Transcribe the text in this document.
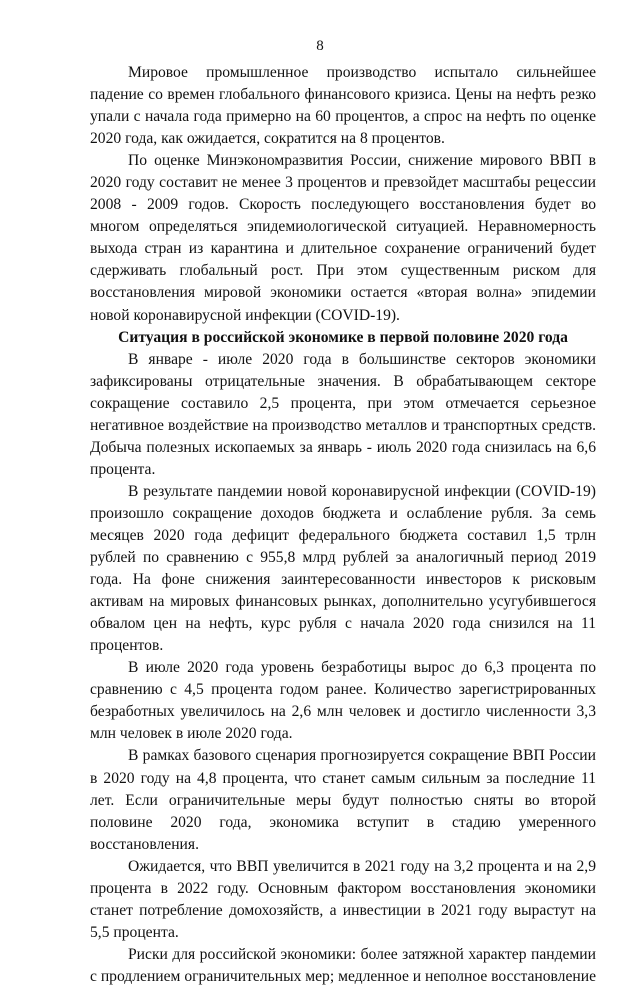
8

Мировое промышленное производство испытало сильнейшее падение со времен глобального финансового кризиса. Цены на нефть резко упали с начала года примерно на 60 процентов, а спрос на нефть по оценке 2020 года, как ожидается, сократится на 8 процентов.

По оценке Минэкономразвития России, снижение мирового ВВП в 2020 году составит не менее 3 процентов и превзойдет масштабы рецессии 2008 - 2009 годов. Скорость последующего восстановления будет во многом определяться эпидемиологической ситуацией. Неравномерность выхода стран из карантина и длительное сохранение ограничений будет сдерживать глобальный рост. При этом существенным риском для восстановления мировой экономики остается «вторая волна» эпидемии новой коронавирусной инфекции (COVID-19).

Ситуация в российской экономике в первой половине 2020 года

В январе - июле 2020 года в большинстве секторов экономики зафиксированы отрицательные значения. В обрабатывающем секторе сокращение составило 2,5 процента, при этом отмечается серьезное негативное воздействие на производство металлов и транспортных средств. Добыча полезных ископаемых за январь - июль 2020 года снизилась на 6,6 процента.

В результате пандемии новой коронавирусной инфекции (COVID-19) произошло сокращение доходов бюджета и ослабление рубля. За семь месяцев 2020 года дефицит федерального бюджета составил 1,5 трлн рублей по сравнению с 955,8 млрд рублей за аналогичный период 2019 года. На фоне снижения заинтересованности инвесторов к рисковым активам на мировых финансовых рынках, дополнительно усугубившегося обвалом цен на нефть, курс рубля с начала 2020 года снизился на 11 процентов.

В июле 2020 года уровень безработицы вырос до 6,3 процента по сравнению с 4,5 процента годом ранее. Количество зарегистрированных безработных увеличилось на 2,6 млн человек и достигло численности 3,3 млн человек в июле 2020 года.

В рамках базового сценария прогнозируется сокращение ВВП России в 2020 году на 4,8 процента, что станет самым сильным за последние 11 лет. Если ограничительные меры будут полностью сняты во второй половине 2020 года, экономика вступит в стадию умеренного восстановления.

Ожидается, что ВВП увеличится в 2021 году на 3,2 процента и на 2,9 процента в 2022 году. Основным фактором восстановления экономики станет потребление домохозяйств, а инвестиции в 2021 году вырастут на 5,5 процента.

Риски для российской экономики: более затяжной характер пандемии с продлением ограничительных мер; медленное и неполное восстановление
